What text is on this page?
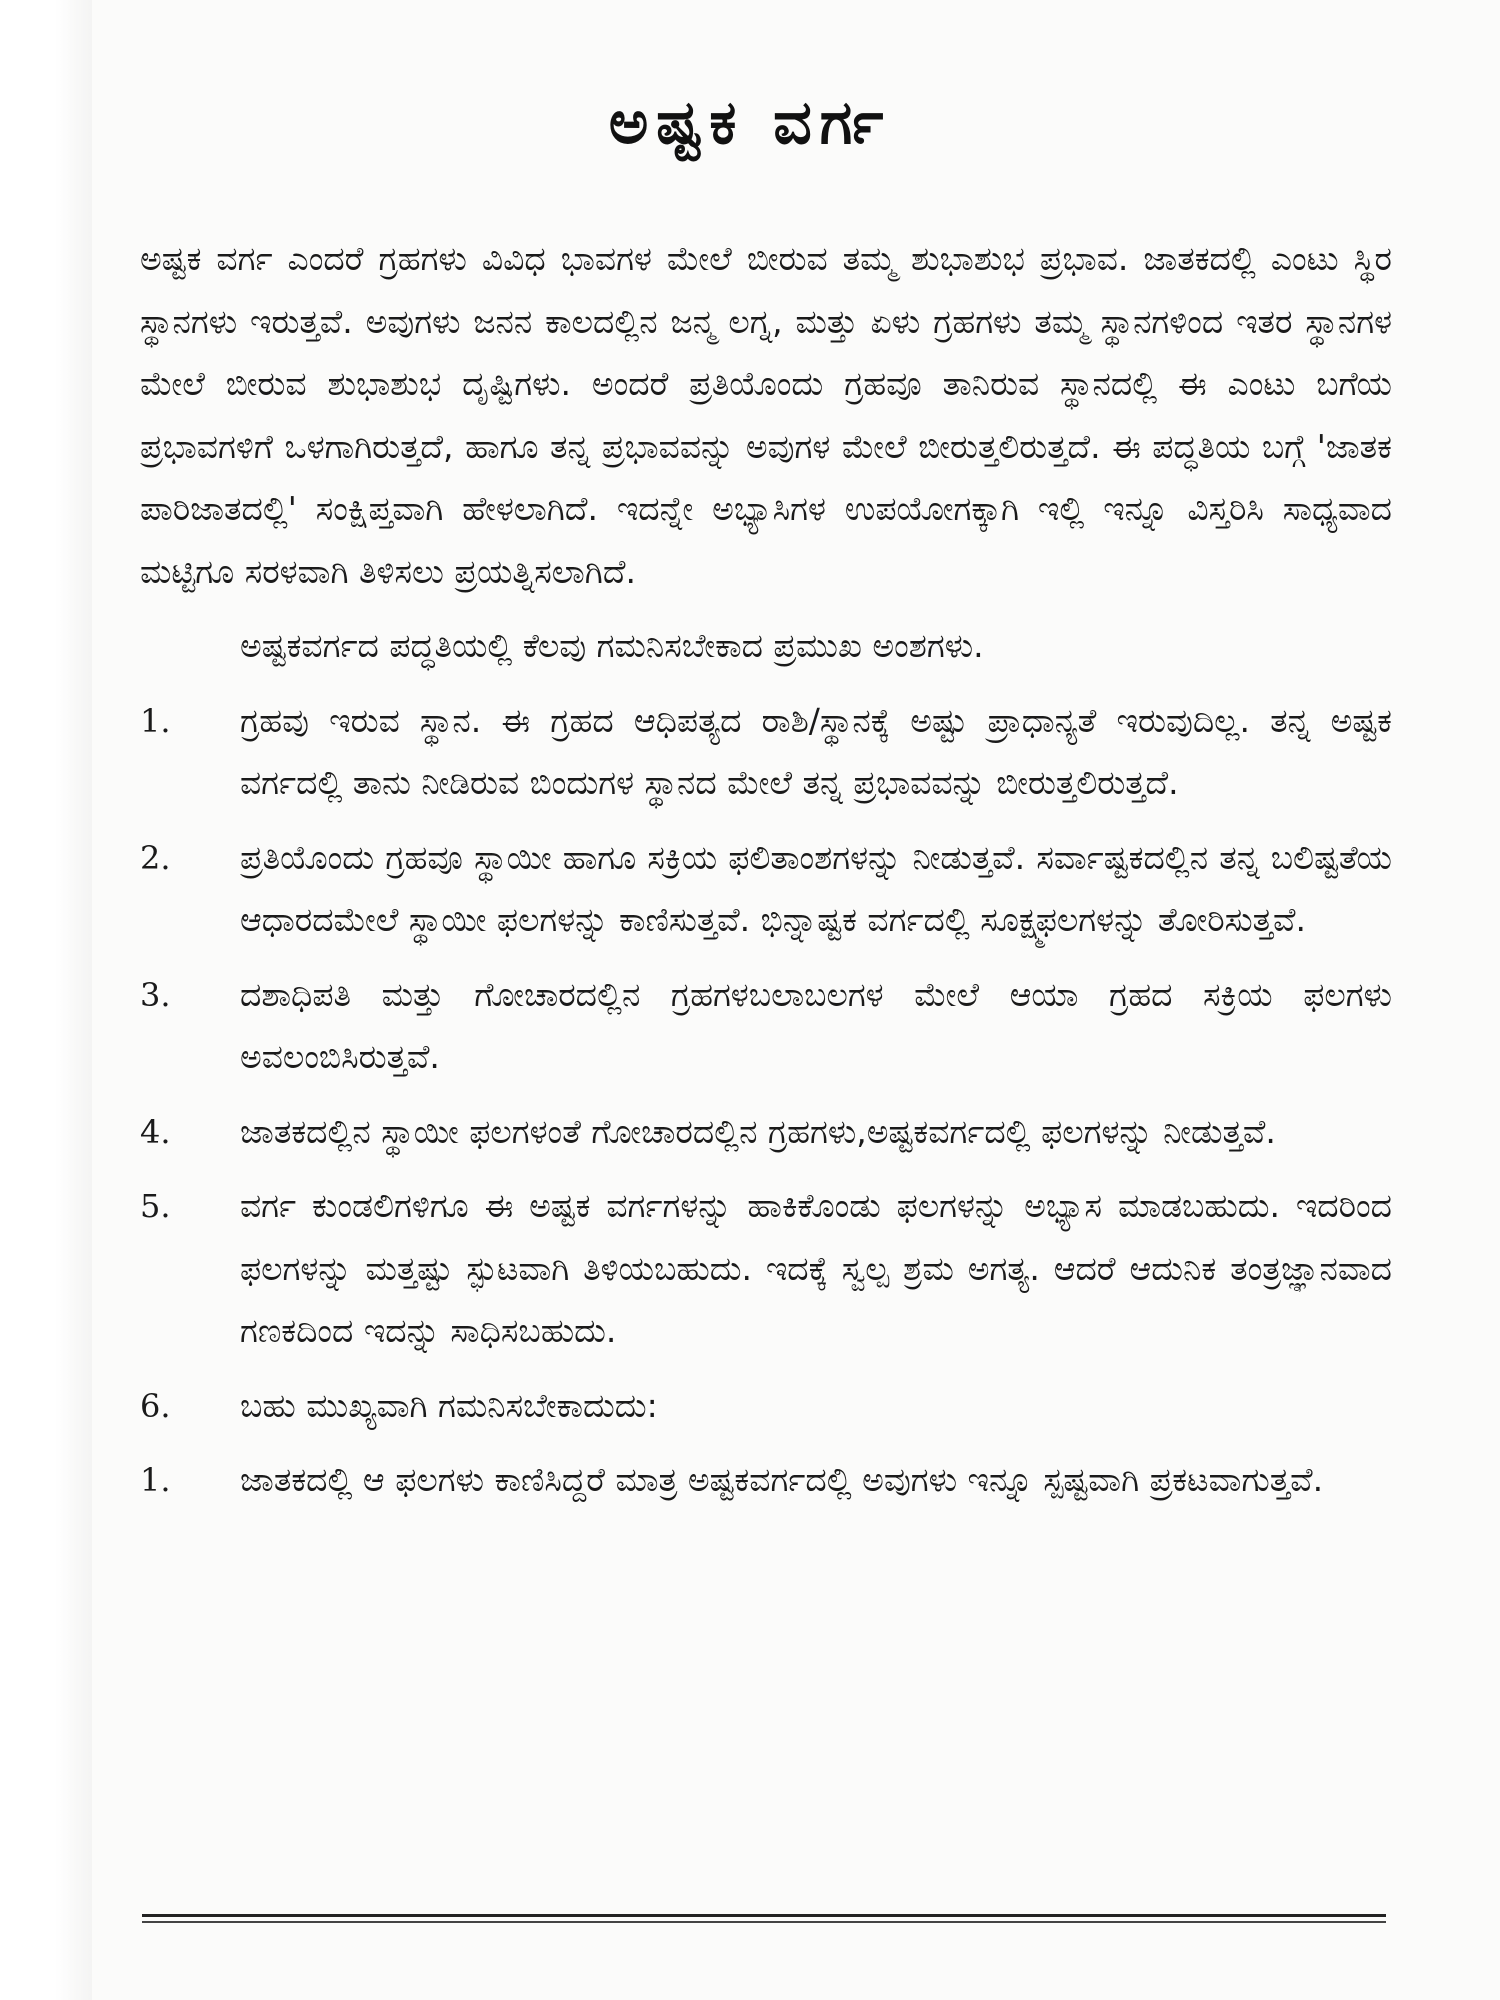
ಅಷ್ಟಕ ವರ್ಗ

ಅಷ್ಟಕ ವರ್ಗ ಎಂದರೆ ಗ್ರಹಗಳು ವಿವಿಧ ಭಾವಗಳ ಮೇಲೆ ಬೀರುವ ತಮ್ಮ ಶುಭಾಶುಭ ಪ್ರಭಾವ. ಜಾತಕದಲ್ಲಿ ಎಂಟು ಸ್ಥಿರ ಸ್ಥಾನಗಳು ಇರುತ್ತವೆ. ಅವುಗಳು ಜನನ ಕಾಲದಲ್ಲಿನ ಜನ್ಮ ಲಗ್ನ, ಮತ್ತು ಏಳು ಗ್ರಹಗಳು ತಮ್ಮ ಸ್ಥಾನಗಳಿಂದ ಇತರ ಸ್ಥಾನಗಳ ಮೇಲೆ ಬೀರುವ ಶುಭಾಶುಭ ದೃಷ್ಟಿಗಳು. ಅಂದರೆ ಪ್ರತಿಯೊಂದು ಗ್ರಹವೂ ತಾನಿರುವ ಸ್ಥಾನದಲ್ಲಿ ಈ ಎಂಟು ಬಗೆಯ ಪ್ರಭಾವಗಳಿಗೆ ಒಳಗಾಗಿರುತ್ತದೆ, ಹಾಗೂ ತನ್ನ ಪ್ರಭಾವವನ್ನು ಅವುಗಳ ಮೇಲೆ ಬೀರುತ್ತಲಿರುತ್ತದೆ. ಈ ಪದ್ಧತಿಯ ಬಗ್ಗೆ 'ಜಾತಕ ಪಾರಿಜಾತದಲ್ಲಿ' ಸಂಕ್ಷಿಪ್ತವಾಗಿ ಹೇಳಲಾಗಿದೆ. ಇದನ್ನೇ ಅಭ್ಯಾಸಿಗಳ ಉಪಯೋಗಕ್ಕಾಗಿ ಇಲ್ಲಿ ಇನ್ನೂ ವಿಸ್ತರಿಸಿ ಸಾಧ್ಯವಾದ ಮಟ್ಟಿಗೂ ಸರಳವಾಗಿ ತಿಳಿಸಲು ಪ್ರಯತ್ನಿಸಲಾಗಿದೆ.

ಅಷ್ಟಕವರ್ಗದ ಪದ್ಧತಿಯಲ್ಲಿ ಕೆಲವು ಗಮನಿಸಬೇಕಾದ ಪ್ರಮುಖ ಅಂಶಗಳು.

1. ಗ್ರಹವು ಇರುವ ಸ್ಥಾನ. ಈ ಗ್ರಹದ ಆಧಿಪತ್ಯದ ರಾಶಿ/ಸ್ಥಾನಕ್ಕೆ ಅಷ್ಟು ಪ್ರಾಧಾನ್ಯತೆ ಇರುವುದಿಲ್ಲ. ತನ್ನ ಅಷ್ಟಕ ವರ್ಗದಲ್ಲಿ ತಾನು ನೀಡಿರುವ ಬಿಂದುಗಳ ಸ್ಥಾನದ ಮೇಲೆ ತನ್ನ ಪ್ರಭಾವವನ್ನು ಬೀರುತ್ತಲಿರುತ್ತದೆ.
2. ಪ್ರತಿಯೊಂದು ಗ್ರಹವೂ ಸ್ಥಾಯೀ ಹಾಗೂ ಸಕ್ರಿಯ ಫಲಿತಾಂಶಗಳನ್ನು ನೀಡುತ್ತವೆ. ಸರ್ವಾಷ್ಟಕದಲ್ಲಿನ ತನ್ನ ಬಲಿಷ್ಟತೆಯ ಆಧಾರದಮೇಲೆ ಸ್ಥಾಯೀ ಫಲಗಳನ್ನು ಕಾಣಿಸುತ್ತವೆ. ಭಿನ್ನಾಷ್ಟಕ ವರ್ಗದಲ್ಲಿ ಸೂಕ್ಷ್ಮಫಲಗಳನ್ನು ತೋರಿಸುತ್ತವೆ.
3. ದಶಾಧಿಪತಿ ಮತ್ತು ಗೋಚಾರದಲ್ಲಿನ ಗ್ರಹಗಳಬಲಾಬಲಗಳ ಮೇಲೆ ಆಯಾ ಗ್ರಹದ ಸಕ್ರಿಯ ಫಲಗಳು ಅವಲಂಬಿಸಿರುತ್ತವೆ.
4. ಜಾತಕದಲ್ಲಿನ ಸ್ಥಾಯೀ ಫಲಗಳಂತೆ ಗೋಚಾರದಲ್ಲಿನ ಗ್ರಹಗಳು,ಅಷ್ಟಕವರ್ಗದಲ್ಲಿ ಫಲಗಳನ್ನು ನೀಡುತ್ತವೆ.
5. ವರ್ಗ ಕುಂಡಲಿಗಳಿಗೂ ಈ ಅಷ್ಟಕ ವರ್ಗಗಳನ್ನು ಹಾಕಿಕೊಂಡು ಫಲಗಳನ್ನು ಅಭ್ಯಾಸ ಮಾಡಬಹುದು. ಇದರಿಂದ ಫಲಗಳನ್ನು ಮತ್ತಷ್ಟು ಸ್ಫುಟವಾಗಿ ತಿಳಿಯಬಹುದು. ಇದಕ್ಕೆ ಸ್ವಲ್ಪ ಶ್ರಮ ಅಗತ್ಯ. ಆದರೆ ಆದುನಿಕ ತಂತ್ರಜ್ಞಾನವಾದ ಗಣಕದಿಂದ ಇದನ್ನು ಸಾಧಿಸಬಹುದು.
6. ಬಹು ಮುಖ್ಯವಾಗಿ ಗಮನಿಸಬೇಕಾದುದು:
1. ಜಾತಕದಲ್ಲಿ ಆ ಫಲಗಳು ಕಾಣಿಸಿದ್ದರೆ ಮಾತ್ರ ಅಷ್ಟಕವರ್ಗದಲ್ಲಿ ಅವುಗಳು ಇನ್ನೂ ಸ್ಪಷ್ಟವಾಗಿ ಪ್ರಕಟವಾಗುತ್ತವೆ.
